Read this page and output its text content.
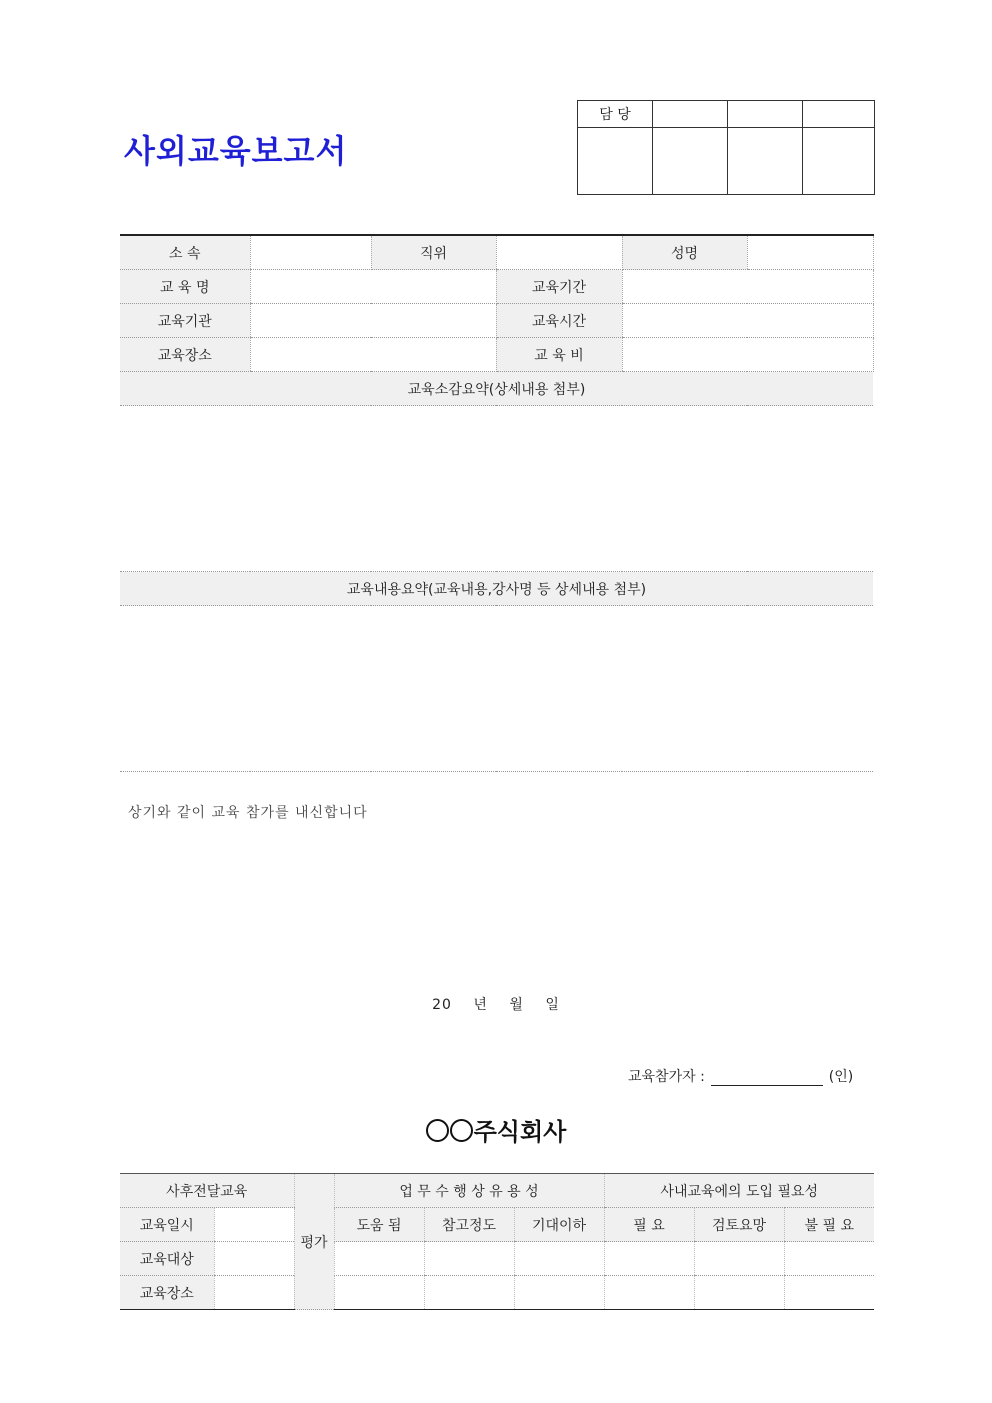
사외교육보고서
담 당			

소 속		직위		성명	
교 육 명			교육기간		
교육기관			교육시간		
교육장소			교 육 비		
교육소감요약(상세내용 첨부)					

교육내용요약(교육내용,강사명 등 상세내용 첨부)					

상기와 같이 교육 참가를 내신합니다
20 년 월 일
교육참가자 :	(인)
주식회사
사후전달교육		평가	업 무 수 행 상 유 용 성			사내교육에의 도입 필요성		
교육일시			도움 됨	참고정도	기대이하	필 요	검토요망	불 필 요
교육대상								
교육장소								
